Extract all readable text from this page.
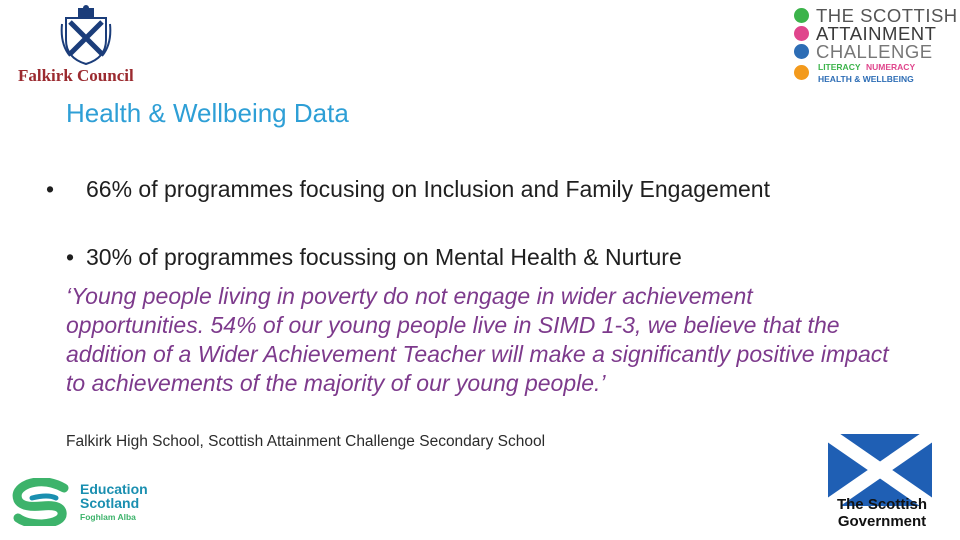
Falkirk Council
THE SCOTTISH
ATTAINMENT
CHALLENGE
LITERACY NUMERACY
HEALTH & WELLBEING
Health & Wellbeing Data
• 66% of programmes focusing on Inclusion and Family Engagement
• 30% of programmes focussing on Mental Health & Nurture
‘Young people living in poverty do not engage in wider achievement opportunities. 54% of our young people live in SIMD 1-3, we believe that the addition of a Wider Achievement Teacher will make a significantly positive impact to achievements of the majority of our young people.’
Falkirk High School, Scottish Attainment Challenge Secondary School
Education
Scotland
Foghlam Alba
The Scottish
Government
